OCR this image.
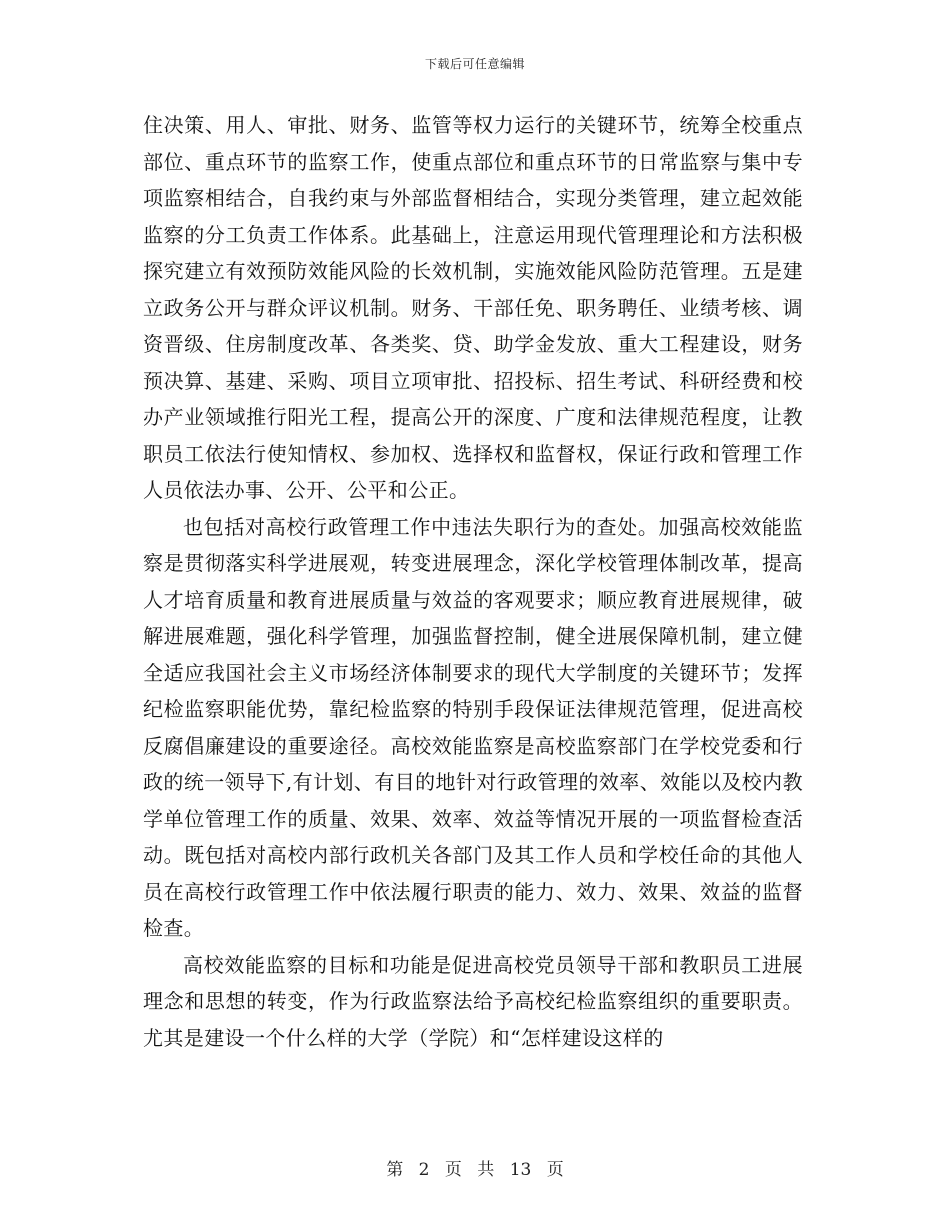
下载后可任意编辑

住决策、用人、审批、财务、监管等权力运行的关键环节，统筹全校重点部位、重点环节的监察工作，使重点部位和重点环节的日常监察与集中专项监察相结合，自我约束与外部监督相结合，实现分类管理，建立起效能监察的分工负责工作体系。此基础上，注意运用现代管理理论和方法积极探究建立有效预防效能风险的长效机制，实施效能风险防范管理。五是建立政务公开与群众评议机制。财务、干部任免、职务聘任、业绩考核、调资晋级、住房制度改革、各类奖、贷、助学金发放、重大工程建设，财务预决算、基建、采购、项目立项审批、招投标、招生考试、科研经费和校办产业领域推行阳光工程，提高公开的深度、广度和法律规范程度，让教职员工依法行使知情权、参加权、选择权和监督权，保证行政和管理工作人员依法办事、公开、公平和公正。

也包括对高校行政管理工作中违法失职行为的查处。加强高校效能监察是贯彻落实科学进展观，转变进展理念，深化学校管理体制改革，提高人才培育质量和教育进展质量与效益的客观要求；顺应教育进展规律，破解进展难题，强化科学管理，加强监督控制，健全进展保障机制，建立健全适应我国社会主义市场经济体制要求的现代大学制度的关键环节；发挥纪检监察职能优势，靠纪检监察的特别手段保证法律规范管理，促进高校反腐倡廉建设的重要途径。高校效能监察是高校监察部门在学校党委和行政的统一领导下,有计划、有目的地针对行政管理的效率、效能以及校内教学单位管理工作的质量、效果、效率、效益等情况开展的一项监督检查活动。既包括对高校内部行政机关各部门及其工作人员和学校任命的其他人员在高校行政管理工作中依法履行职责的能力、效力、效果、效益的监督检查。

高校效能监察的目标和功能是促进高校党员领导干部和教职员工进展理念和思想的转变，作为行政监察法给予高校纪检监察组织的重要职责。尤其是建设一个什么样的大学（学院）和“怎样建设这样的

第 2 页 共 13 页
